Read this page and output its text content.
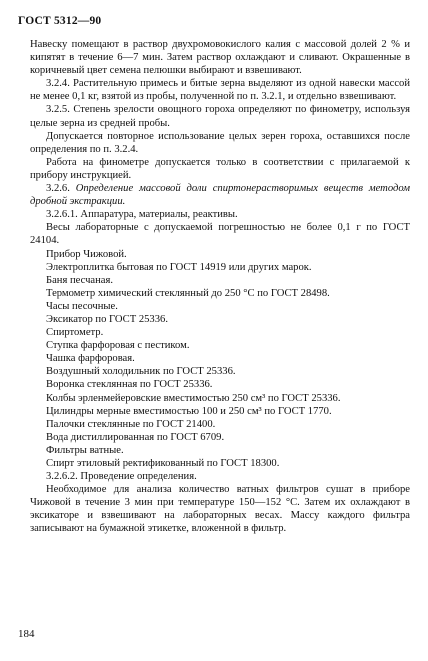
ГОСТ 5312—90

Навеску помещают в раствор двухромовокислого калия с массовой долей 2 % и кипятят в течение 6—7 мин. Затем раствор охлаждают и сливают. Окрашенные в коричневый цвет семена пелюшки выбирают и взвешивают.

3.2.4. Растительную примесь и битые зерна выделяют из одной навески массой не менее 0,1 кг, взятой из пробы, полученной по п. 3.2.1, и отдельно взвешивают.

3.2.5. Степень зрелости овощного гороха определяют по финометру, используя целые зерна из средней пробы.

Допускается повторное использование целых зерен гороха, оставшихся после определения по п. 3.2.4.

Работа на финометре допускается только в соответствии с прилагаемой к прибору инструкцией.

3.2.6. Определение массовой доли спиртонерастворимых веществ методом дробной экстракции.

3.2.6.1. Аппаратура, материалы, реактивы.

Весы лабораторные с допускаемой погрешностью не более 0,1 г по ГОСТ 24104.

Прибор Чижовой.

Электроплитка бытовая по ГОСТ 14919 или других марок.

Баня песчаная.

Термометр химический стеклянный до 250 °С по ГОСТ 28498.

Часы песочные.

Эксикатор по ГОСТ 25336.

Спиртометр.

Ступка фарфоровая с пестиком.

Чашка фарфоровая.

Воздушный холодильник по ГОСТ 25336.

Воронка стеклянная по ГОСТ 25336.

Колбы эрленмейеровские вместимостью 250 см³ по ГОСТ 25336.

Цилиндры мерные вместимостью 100 и 250 см³ по ГОСТ 1770.

Палочки стеклянные по ГОСТ 21400.

Вода дистиллированная по ГОСТ 6709.

Фильтры ватные.

Спирт этиловый ректификованный по ГОСТ 18300.

3.2.6.2. Проведение определения.

Необходимое для анализа количество ватных фильтров сушат в приборе Чижовой в течение 3 мин при температуре 150—152 °С. Затем их охлаждают в эксикаторе и взвешивают на лабораторных весах. Массу каждого фильтра записывают на бумажной этикетке, вложенной в фильтр.

184
